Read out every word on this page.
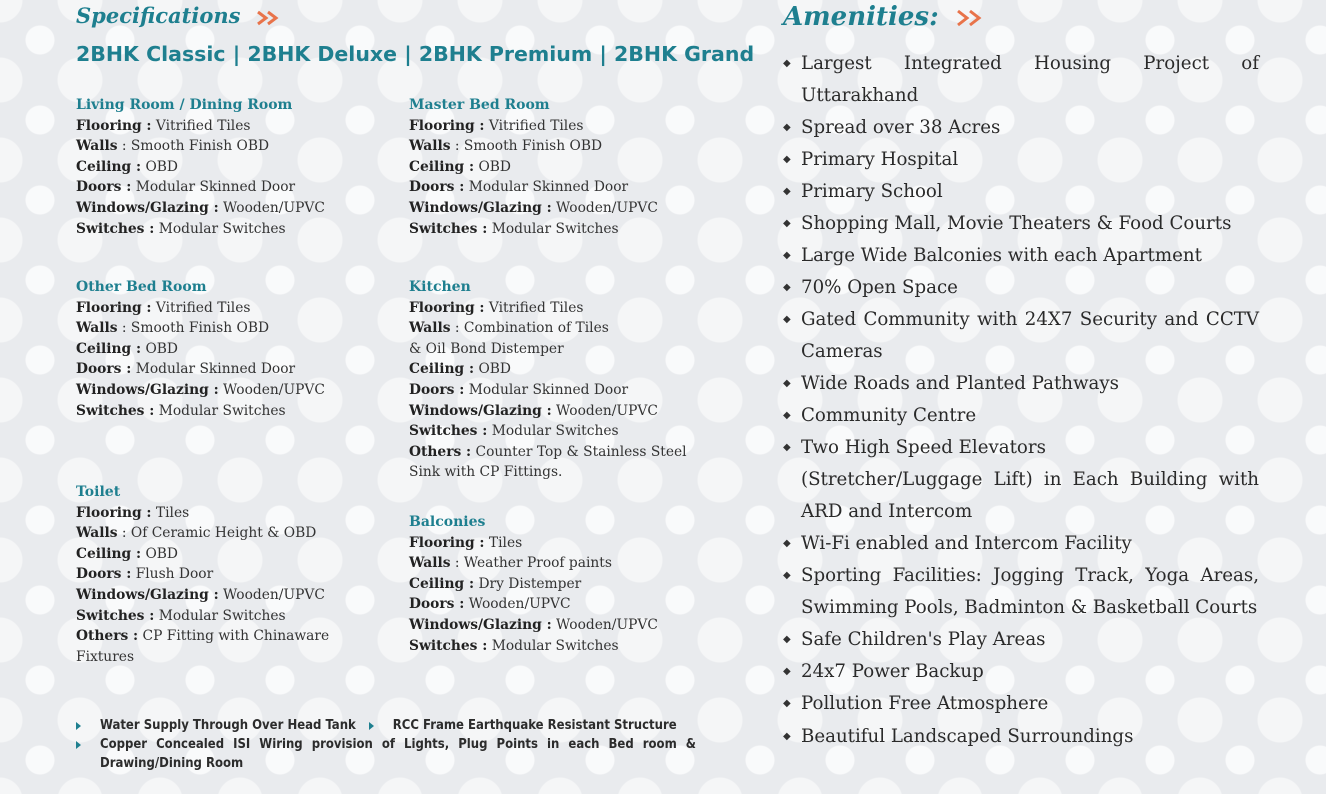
Specifications
2BHK Classic | 2BHK Deluxe | 2BHK Premium | 2BHK Grand
Living Room / Dining Room
Flooring : Vitrified Tiles
Walls : Smooth Finish OBD
Ceiling : OBD
Doors : Modular Skinned Door
Windows/Glazing : Wooden/UPVC
Switches : Modular Switches
Master Bed Room
Flooring : Vitrified Tiles
Walls : Smooth Finish OBD
Ceiling : OBD
Doors : Modular Skinned Door
Windows/Glazing : Wooden/UPVC
Switches : Modular Switches
Other Bed Room
Flooring : Vitrified Tiles
Walls : Smooth Finish OBD
Ceiling : OBD
Doors : Modular Skinned Door
Windows/Glazing : Wooden/UPVC
Switches : Modular Switches
Kitchen
Flooring : Vitrified Tiles
Walls : Combination of Tiles
& Oil Bond Distemper
Ceiling : OBD
Doors : Modular Skinned Door
Windows/Glazing : Wooden/UPVC
Switches : Modular Switches
Others : Counter Top & Stainless Steel
Sink with CP Fittings.
Toilet
Flooring : Tiles
Walls : Of Ceramic Height & OBD
Ceiling : OBD
Doors : Flush Door
Windows/Glazing : Wooden/UPVC
Switches : Modular Switches
Others : CP Fitting with Chinaware
Fixtures
Balconies
Flooring : Tiles
Walls : Weather Proof paints
Ceiling : Dry Distemper
Doors : Wooden/UPVC
Windows/Glazing : Wooden/UPVC
Switches : Modular Switches
Water Supply Through Over Head Tank	RCC Frame Earthquake Resistant Structure
Copper Concealed ISI Wiring provision of Lights, Plug Points in each Bed room & Drawing/Dining Room
Amenities:
◆ Largest Integrated Housing Project of Uttarakhand
◆ Spread over 38 Acres
◆ Primary Hospital
◆ Primary School
◆ Shopping Mall, Movie Theaters & Food Courts
◆ Large Wide Balconies with each Apartment
◆ 70% Open Space
◆ Gated Community with 24X7 Security and CCTV Cameras
◆ Wide Roads and Planted Pathways
◆ Community Centre
◆ Two High Speed Elevators
(Stretcher/Luggage Lift) in Each Building with ARD and Intercom
◆ Wi-Fi enabled and Intercom Facility
◆ Sporting Facilities: Jogging Track, Yoga Areas, Swimming Pools, Badminton & Basketball Courts
◆ Safe Children's Play Areas
◆ 24x7 Power Backup
◆ Pollution Free Atmosphere
◆ Beautiful Landscaped Surroundings
